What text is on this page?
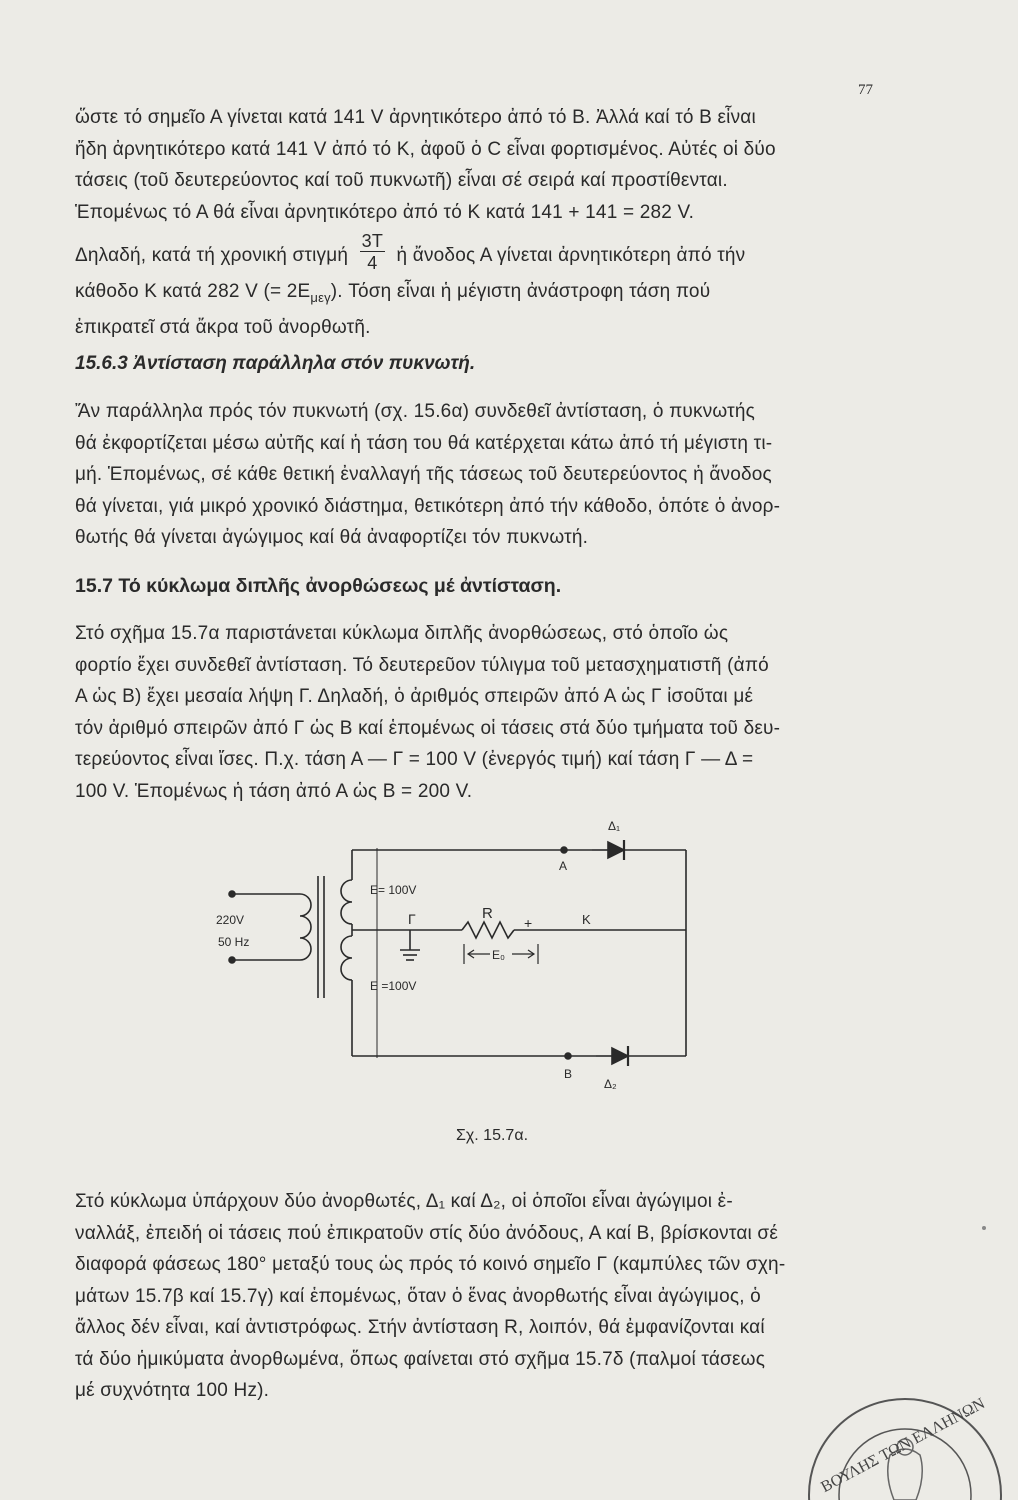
77
ὥστε τό σημεῖο Α γίνεται κατά 141 V ἀρνητικότερο ἀπό τό Β. Ἀλλά καί τό Β εἶναι
ἤδη ἀρνητικότερο κατά 141 V ἀπό τό Κ, ἀφοῦ ὁ C εἶναι φορτισμένος. Αὐτές οἱ δύο
τάσεις (τοῦ δευτερεύοντος καί τοῦ πυκνωτῆ) εἶναι σέ σειρά καί προστίθενται.
Ἑπομένως τό Α θά εἶναι ἀρνητικότερο ἀπό τό Κ κατά 141 + 141 = 282 V.
Δηλαδή, κατά τή χρονική στιγμή $\frac{3T}{4}$ ἡ ἄνοδος Α γίνεται ἀρνητικότερη ἀπό τήν
κάθοδο Κ κατά 282 V (= $2E_{\mu\varepsilon\gamma}$). Τόση εἶναι ἡ μέγιστη ἀνάστροφη τάση πού
ἐπικρατεῖ στά ἄκρα τοῦ ἀνορθωτῆ.
15.6.3 Ἀντίσταση παράλληλα στόν πυκνωτή.
Ἄν παράλληλα πρός τόν πυκνωτή (σχ. 15.6α) συνδεθεῖ ἀντίσταση, ὁ πυκνωτής
θά ἐκφορτίζεται μέσω αὐτῆς καί ἡ τάση του θά κατέρχεται κάτω ἀπό τή μέγιστη τι-
μή. Ἑπομένως, σέ κάθε θετική ἐναλλαγή τῆς τάσεως τοῦ δευτερεύοντος ἡ ἄνοδος
θά γίνεται, γιά μικρό χρονικό διάστημα, θετικότερη ἀπό τήν κάθοδο, ὁπότε ὁ ἀνορ-
θωτής θά γίνεται ἀγώγιμος καί θά ἀναφορτίζει τόν πυκνωτή.
15.7 Τό κύκλωμα διπλῆς ἀνορθώσεως μέ ἀντίσταση.
Στό σχῆμα 15.7α παριστάνεται κύκλωμα διπλῆς ἀνορθώσεως, στό ὁποῖο ὡς
φορτίο ἔχει συνδεθεῖ ἀντίσταση. Τό δευτερεῦον τύλιγμα τοῦ μετασχηματιστῆ (ἀπό
Α ὡς Β) ἔχει μεσαία λήψη Γ. Δηλαδή, ὁ ἀριθμός σπειρῶν ἀπό Α ὡς Γ ἰσοῦται μέ
τόν ἀριθμό σπειρῶν ἀπό Γ ὡς Β καί ἑπομένως οἱ τάσεις στά δύο τμήματα τοῦ δευ-
τερεύοντος εἶναι ἴσες. Π.χ. τάση Α — Γ = 100 V (ἐνεργός τιμή) καί τάση Γ — Δ =
100 V. Ἑπομένως ἡ τάση ἀπό Α ὡς Β = 200 V.
220V
50 Hz
E= 100V
E =100V
Γ	R	K
+
E₀
A
B
Δ₁
Δ₂
Σχ. 15.7α.
Στό κύκλωμα ὑπάρχουν δύο ἀνορθωτές, Δ₁ καί Δ₂, οἱ ὁποῖοι εἶναι ἀγώγιμοι ἐ-
ναλλάξ, ἐπειδή οἱ τάσεις πού ἐπικρατοῦν στίς δύο ἀνόδους, Α καί Β, βρίσκονται σέ
διαφορά φάσεως 180° μεταξύ τους ὡς πρός τό κοινό σημεῖο Γ (καμπύλες τῶν σχη-
μάτων 15.7β καί 15.7γ) καί ἑπομένως, ὅταν ὁ ἕνας ἀνορθωτής εἶναι ἀγώγιμος, ὁ
ἄλλος δέν εἶναι, καί ἀντιστρόφως. Στήν ἀντίσταση R, λοιπόν, θά ἐμφανίζονται καί
τά δύο ἡμικύματα ἀνορθωμένα, ὅπως φαίνεται στό σχῆμα 15.7δ (παλμοί τάσεως
μέ συχνότητα 100 Hz).
ΒΟΥΛΗΣ ΤΩΝ ΕΛΛΗΝΩΝ
